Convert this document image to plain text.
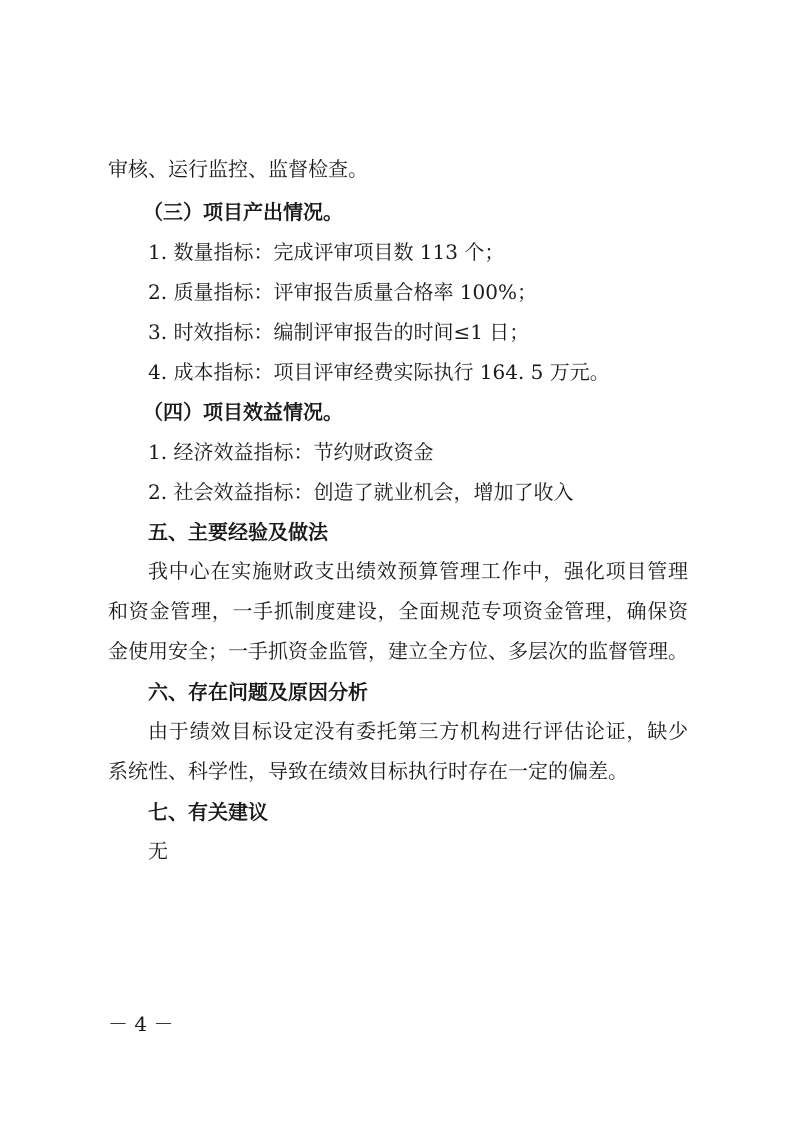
审核、运行监控、监督检查。
（三）项目产出情况。
1. 数量指标：完成评审项目数 113 个；
2. 质量指标：评审报告质量合格率 100%；
3. 时效指标：编制评审报告的时间≤1 日；
4. 成本指标：项目评审经费实际执行 164. 5 万元。
（四）项目效益情况。
1. 经济效益指标：节约财政资金
2. 社会效益指标：创造了就业机会，增加了收入
五、主要经验及做法
我中心在实施财政支出绩效预算管理工作中，强化项目管理
和资金管理，一手抓制度建设，全面规范专项资金管理，确保资
金使用安全；一手抓资金监管，建立全方位、多层次的监督管理。
六、存在问题及原因分析
由于绩效目标设定没有委托第三方机构进行评估论证，缺少
系统性、科学性，导致在绩效目标执行时存在一定的偏差。
七、有关建议
无
－ 4 －
